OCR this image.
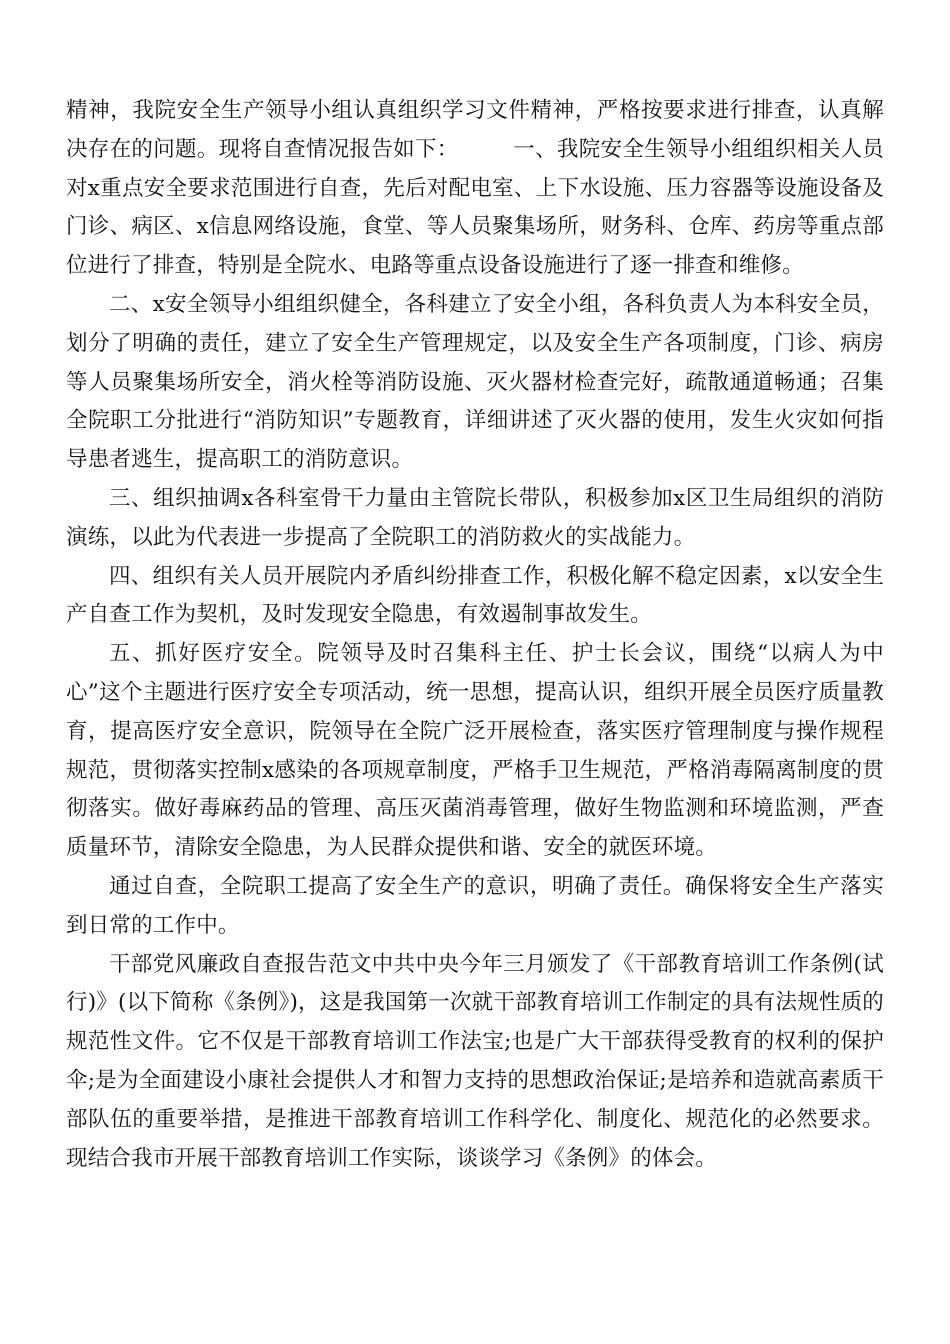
精神，我院安全生产领导小组认真组织学习文件精神，严格按要求进行排查，认真解决存在的问题。现将自查情况报告如下：　　　一、我院安全生领导小组组织相关人员对x重点安全要求范围进行自查，先后对配电室、上下水设施、压力容器等设施设备及门诊、病区、x信息网络设施，食堂、等人员聚集场所，财务科、仓库、药房等重点部位进行了排查，特别是全院水、电路等重点设备设施进行了逐一排查和维修。

二、x安全领导小组组织健全，各科建立了安全小组，各科负责人为本科安全员，划分了明确的责任，建立了安全生产管理规定，以及安全生产各项制度，门诊、病房等人员聚集场所安全，消火栓等消防设施、灭火器材检查完好，疏散通道畅通；召集全院职工分批进行“消防知识”专题教育，详细讲述了灭火器的使用，发生火灾如何指导患者逃生，提高职工的消防意识。

三、组织抽调x各科室骨干力量由主管院长带队，积极参加x区卫生局组织的消防演练，以此为代表进一步提高了全院职工的消防救火的实战能力。

四、组织有关人员开展院内矛盾纠纷排查工作，积极化解不稳定因素，x以安全生产自查工作为契机，及时发现安全隐患，有效遏制事故发生。

五、抓好医疗安全。院领导及时召集科主任、护士长会议，围绕“以病人为中心”这个主题进行医疗安全专项活动，统一思想，提高认识，组织开展全员医疗质量教育，提高医疗安全意识，院领导在全院广泛开展检查，落实医疗管理制度与操作规程规范，贯彻落实控制x感染的各项规章制度，严格手卫生规范，严格消毒隔离制度的贯彻落实。做好毒麻药品的管理、高压灭菌消毒管理，做好生物监测和环境监测，严查质量环节，清除安全隐患，为人民群众提供和谐、安全的就医环境。

通过自查，全院职工提高了安全生产的意识，明确了责任。确保将安全生产落实到日常的工作中。

干部党风廉政自查报告范文中共中央今年三月颁发了《干部教育培训工作条例(试行)》(以下简称《条例》)，这是我国第一次就干部教育培训工作制定的具有法规性质的规范性文件。它不仅是干部教育培训工作法宝;也是广大干部获得受教育的权利的保护伞;是为全面建设小康社会提供人才和智力支持的思想政治保证;是培养和造就高素质干部队伍的重要举措，是推进干部教育培训工作科学化、制度化、规范化的必然要求。现结合我市开展干部教育培训工作实际，谈谈学习《条例》的体会。
